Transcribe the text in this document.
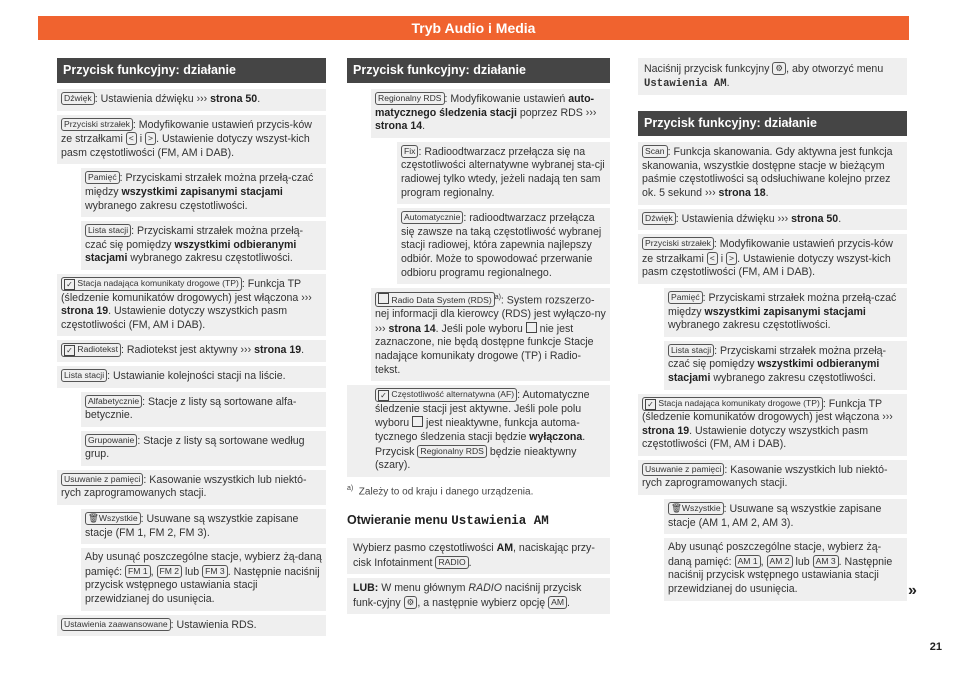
Tryb Audio i Media
Przycisk funkcyjny: działanie
Dźwięk : Ustawienia dźwięku ››› strona 50.
Przyciski strzałek : Modyfikowanie ustawień przycis-ków ze strzałkami < i > . Ustawienie dotyczy wszyst-kich pasm częstotliwości (FM, AM i DAB).
Pamięć : Przyciskami strzałek można przełą-czać między wszystkimi zapisanymi stacjami wybranego zakresu częstotliwości.
Lista stacji : Przyciskami strzałek można przełą-czać się pomiędzy wszystkimi odbieranymi stacjami wybranego zakresu częstotliwości.
✓ Stacja nadająca komunikaty drogowe (TP) : Funkcja TP (śledzenie komunikatów drogowych) jest włączona ››› strona 19. Ustawienie dotyczy wszystkich pasm częstotliwości (FM, AM i DAB).
✓ Radiotekst : Radiotekst jest aktywny ››› strona 19.
Lista stacji : Ustawianie kolejności stacji na liście.
Alfabetycznie : Stacje z listy są sortowane alfa-betycznie.
Grupowanie : Stacje z listy są sortowane według grup.
Usuwanie z pamięci : Kasowanie wszystkich lub niektó-rych zaprogramowanych stacji.
🗑Wszystkie : Usuwane są wszystkie zapisane stacje (FM 1, FM 2, FM 3).
Aby usunąć poszczególne stacje, wybierz żą-daną pamięć: FM 1 , FM 2 lub FM 3 . Następnie naciśnij przycisk wstępnego ustawiania stacji przewidzianej do usunięcia.
Ustawienia zaawansowane : Ustawienia RDS.
Przycisk funkcyjny: działanie
Regionalny RDS : Modyfikowanie ustawień auto-matycznego śledzenia stacji poprzez RDS ››› strona 14.
Fix : Radioodtwarzacz przełącza się na częstotliwości alternatywne wybranej sta-cji radiowej tylko wtedy, jeżeli nadają ten sam program regionalny.
Automatycznie : radioodtwarzacz przełącza się zawsze na taką częstotliwość wybranej stacji radiowej, która zapewnia najlepszy odbiór. Może to spowodować przerwanie odbioru programu regionalnego.
Radio Data System (RDS) $^{a)}$: System rozszerzo-nej informacji dla kierowcy (RDS) jest wyłączo-ny ››› strona 14. Jeśli pole wyboru  nie jest zaznaczone, nie będą dostępne funkcje Stacje nadające komunikaty drogowe (TP) i Radio-tekst.
✓ Częstotliwość alternatywna (AF) : Automatyczne śledzenie stacji jest aktywne. Jeśli pole polu wyboru  jest nieaktywne, funkcja automa-tycznego śledzenia stacji będzie wyłączona. Przycisk Regionalny RDS będzie nieaktywny (szary).
$^{a)}$ Zależy to od kraju i danego urządzenia.
Otwieranie menu Ustawienia AM
Wybierz pasmo częstotliwości AM, naciskając przy-cisk Infotainment RADIO .
LUB: W menu głównym RADIO naciśnij przycisk funk-cyjny ⚙ , a następnie wybierz opcję AM .
Naciśnij przycisk funkcyjny ⚙ , aby otworzyć menu Ustawienia AM.
Przycisk funkcyjny: działanie
Scan : Funkcja skanowania. Gdy aktywna jest funkcja skanowania, wszystkie dostępne stacje w bieżącym paśmie częstotliwości są odsłuchiwane kolejno przez ok. 5 sekund ››› strona 18.
Dźwięk : Ustawienia dźwięku ››› strona 50.
Przyciski strzałek : Modyfikowanie ustawień przycis-ków ze strzałkami < i > . Ustawienie dotyczy wszyst-kich pasm częstotliwości (FM, AM i DAB).
Pamięć : Przyciskami strzałek można przełą-czać między wszystkimi zapisanymi stacjami wybranego zakresu częstotliwości.
Lista stacji : Przyciskami strzałek można przełą-czać się pomiędzy wszystkimi odbieranymi stacjami wybranego zakresu częstotliwości.
✓ Stacja nadająca komunikaty drogowe (TP) : Funkcja TP (śledzenie komunikatów drogowych) jest włączona ››› strona 19. Ustawienie dotyczy wszystkich pasm częstotliwości (FM, AM i DAB).
Usuwanie z pamięci : Kasowanie wszystkich lub niektó-rych zaprogramowanych stacji.
🗑Wszystkie : Usuwane są wszystkie zapisane stacje (AM 1, AM 2, AM 3).
Aby usunąć poszczególne stacje, wybierz żą-daną pamięć: AM 1 , AM 2 lub AM 3 . Następnie naciśnij przycisk wstępnego ustawiania stacji przewidzianej do usunięcia.	»
21
